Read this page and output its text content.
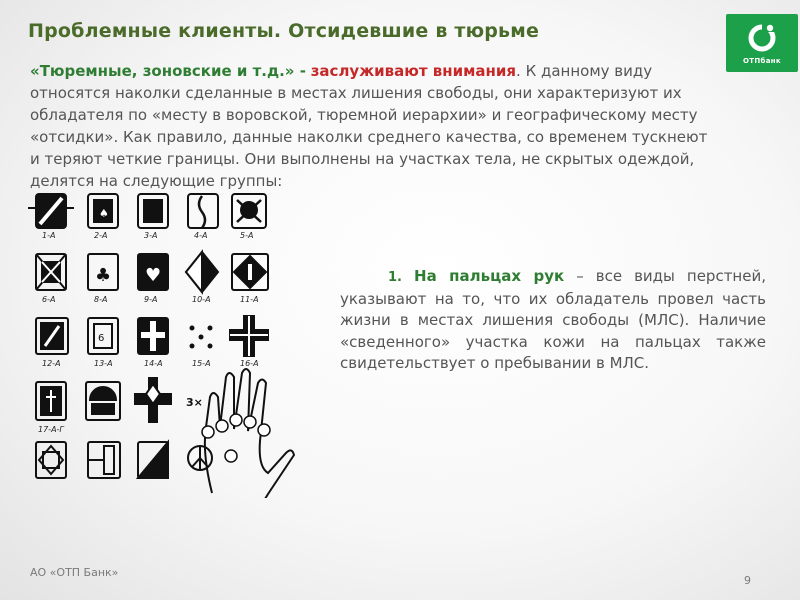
Проблемные клиенты. Отсидевшие в тюрьме
ОТПбанк
«Тюремные, зоновские и т.д.» - заслуживают внимания. К данному виду относятся наколки сделанные в местах лишения свободы, они характеризуют их обладателя по «месту в воровской, тюремной иерархии» и географическому месту «отсидки». Как правило, данные наколки среднего качества, со временем тускнеют и теряют четкие границы. Они выполнены на участках тела, не скрытых одеждой, делятся на следующие группы:
♠
♣ ♥
6
3×
1-А	2-А	3-А	4-А	5-А
6-А	8-А	9-А	10-А	11-А
12-А	13-А	14-А	15-А	16-А
17-А-Г
1. На пальцах рук – все виды перстней, указывают на то, что их обладатель провел часть жизни в местах лишения свободы (МЛС). Наличие «сведенного» участка кожи на пальцах также свидетельствует о пребывании в МЛС.
АО «ОТП Банк»
9
